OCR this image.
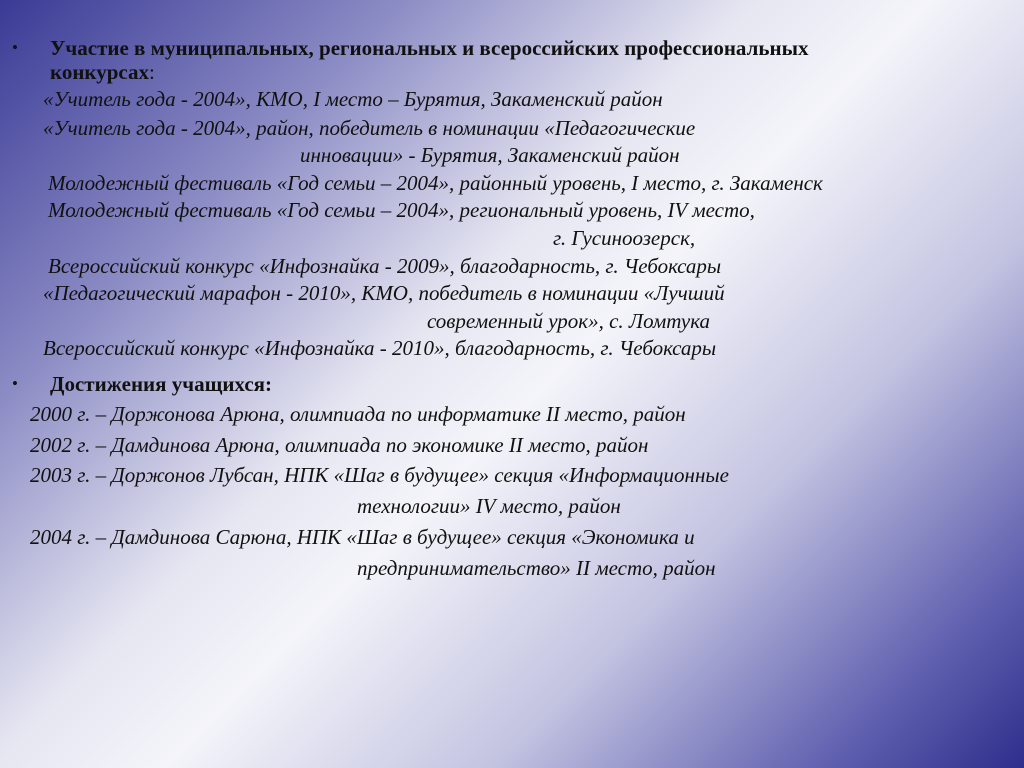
• Участие в муниципальных, региональных и всероссийских профессиональных
конкурсах:
«Учитель года - 2004», КМО, I место – Бурятия, Закаменский район
«Учитель года - 2004», район, победитель в номинации «Педагогические
инновации» - Бурятия, Закаменский район
Молодежный фестиваль «Год семьи – 2004», районный уровень, I место, г. Закаменск
Молодежный фестиваль «Год семьи – 2004», региональный уровень, IV место,
г. Гусиноозерск,
Всероссийский конкурс «Инфознайка - 2009», благодарность, г. Чебоксары
«Педагогический марафон - 2010», КМО, победитель в номинации «Лучший
современный урок», с. Ломтука
Всероссийский конкурс «Инфознайка - 2010», благодарность, г. Чебоксары
• Достижения учащихся:
2000 г. – Доржонова Арюна, олимпиада по информатике II место, район
2002 г. – Дамдинова Арюна, олимпиада по экономике II место, район
2003 г. – Доржонов Лубсан, НПК «Шаг в будущее» секция «Информационные
технологии» IV место, район
2004 г. – Дамдинова Сарюна, НПК «Шаг в будущее» секция «Экономика и
предпринимательство» II место, район
